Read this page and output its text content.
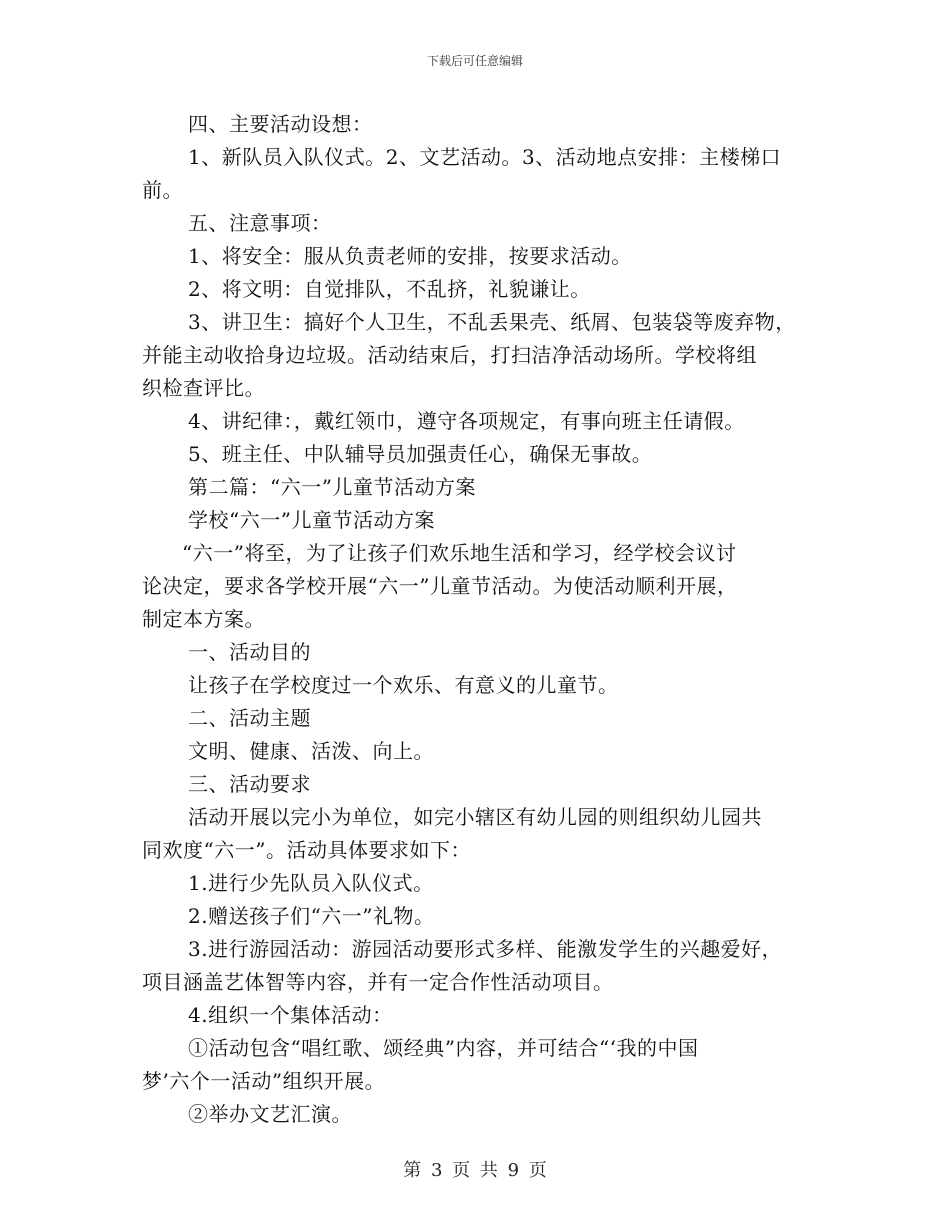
下载后可任意编辑
四、主要活动设想：
1、新队员入队仪式。2、文艺活动。3、活动地点安排：主楼梯口
前。
五、注意事项：
1、将安全：服从负责老师的安排，按要求活动。
2、将文明：自觉排队，不乱挤，礼貌谦让。
3、讲卫生：搞好个人卫生，不乱丢果壳、纸屑、包装袋等废弃物，
并能主动收拾身边垃圾。活动结束后，打扫洁净活动场所。学校将组
织检查评比。
4、讲纪律：，戴红领巾，遵守各项规定，有事向班主任请假。
5、班主任、中队辅导员加强责任心，确保无事故。
第二篇：“六一”儿童节活动方案
学校“六一”儿童节活动方案
“六一”将至，为了让孩子们欢乐地生活和学习，经学校会议讨
论决定，要求各学校开展“六一”儿童节活动。为使活动顺利开展，
制定本方案。
一、活动目的
让孩子在学校度过一个欢乐、有意义的儿童节。
二、活动主题
文明、健康、活泼、向上。
三、活动要求
活动开展以完小为单位，如完小辖区有幼儿园的则组织幼儿园共
同欢度“六一”。活动具体要求如下：
1.进行少先队员入队仪式。
2.赠送孩子们“六一”礼物。
3.进行游园活动：游园活动要形式多样、能激发学生的兴趣爱好，
项目涵盖艺体智等内容，并有一定合作性活动项目。
4.组织一个集体活动：
①活动包含“唱红歌、颂经典”内容，并可结合“‘我的中国
梦’六个一活动”组织开展。
②举办文艺汇演。
第 3 页 共 9 页
